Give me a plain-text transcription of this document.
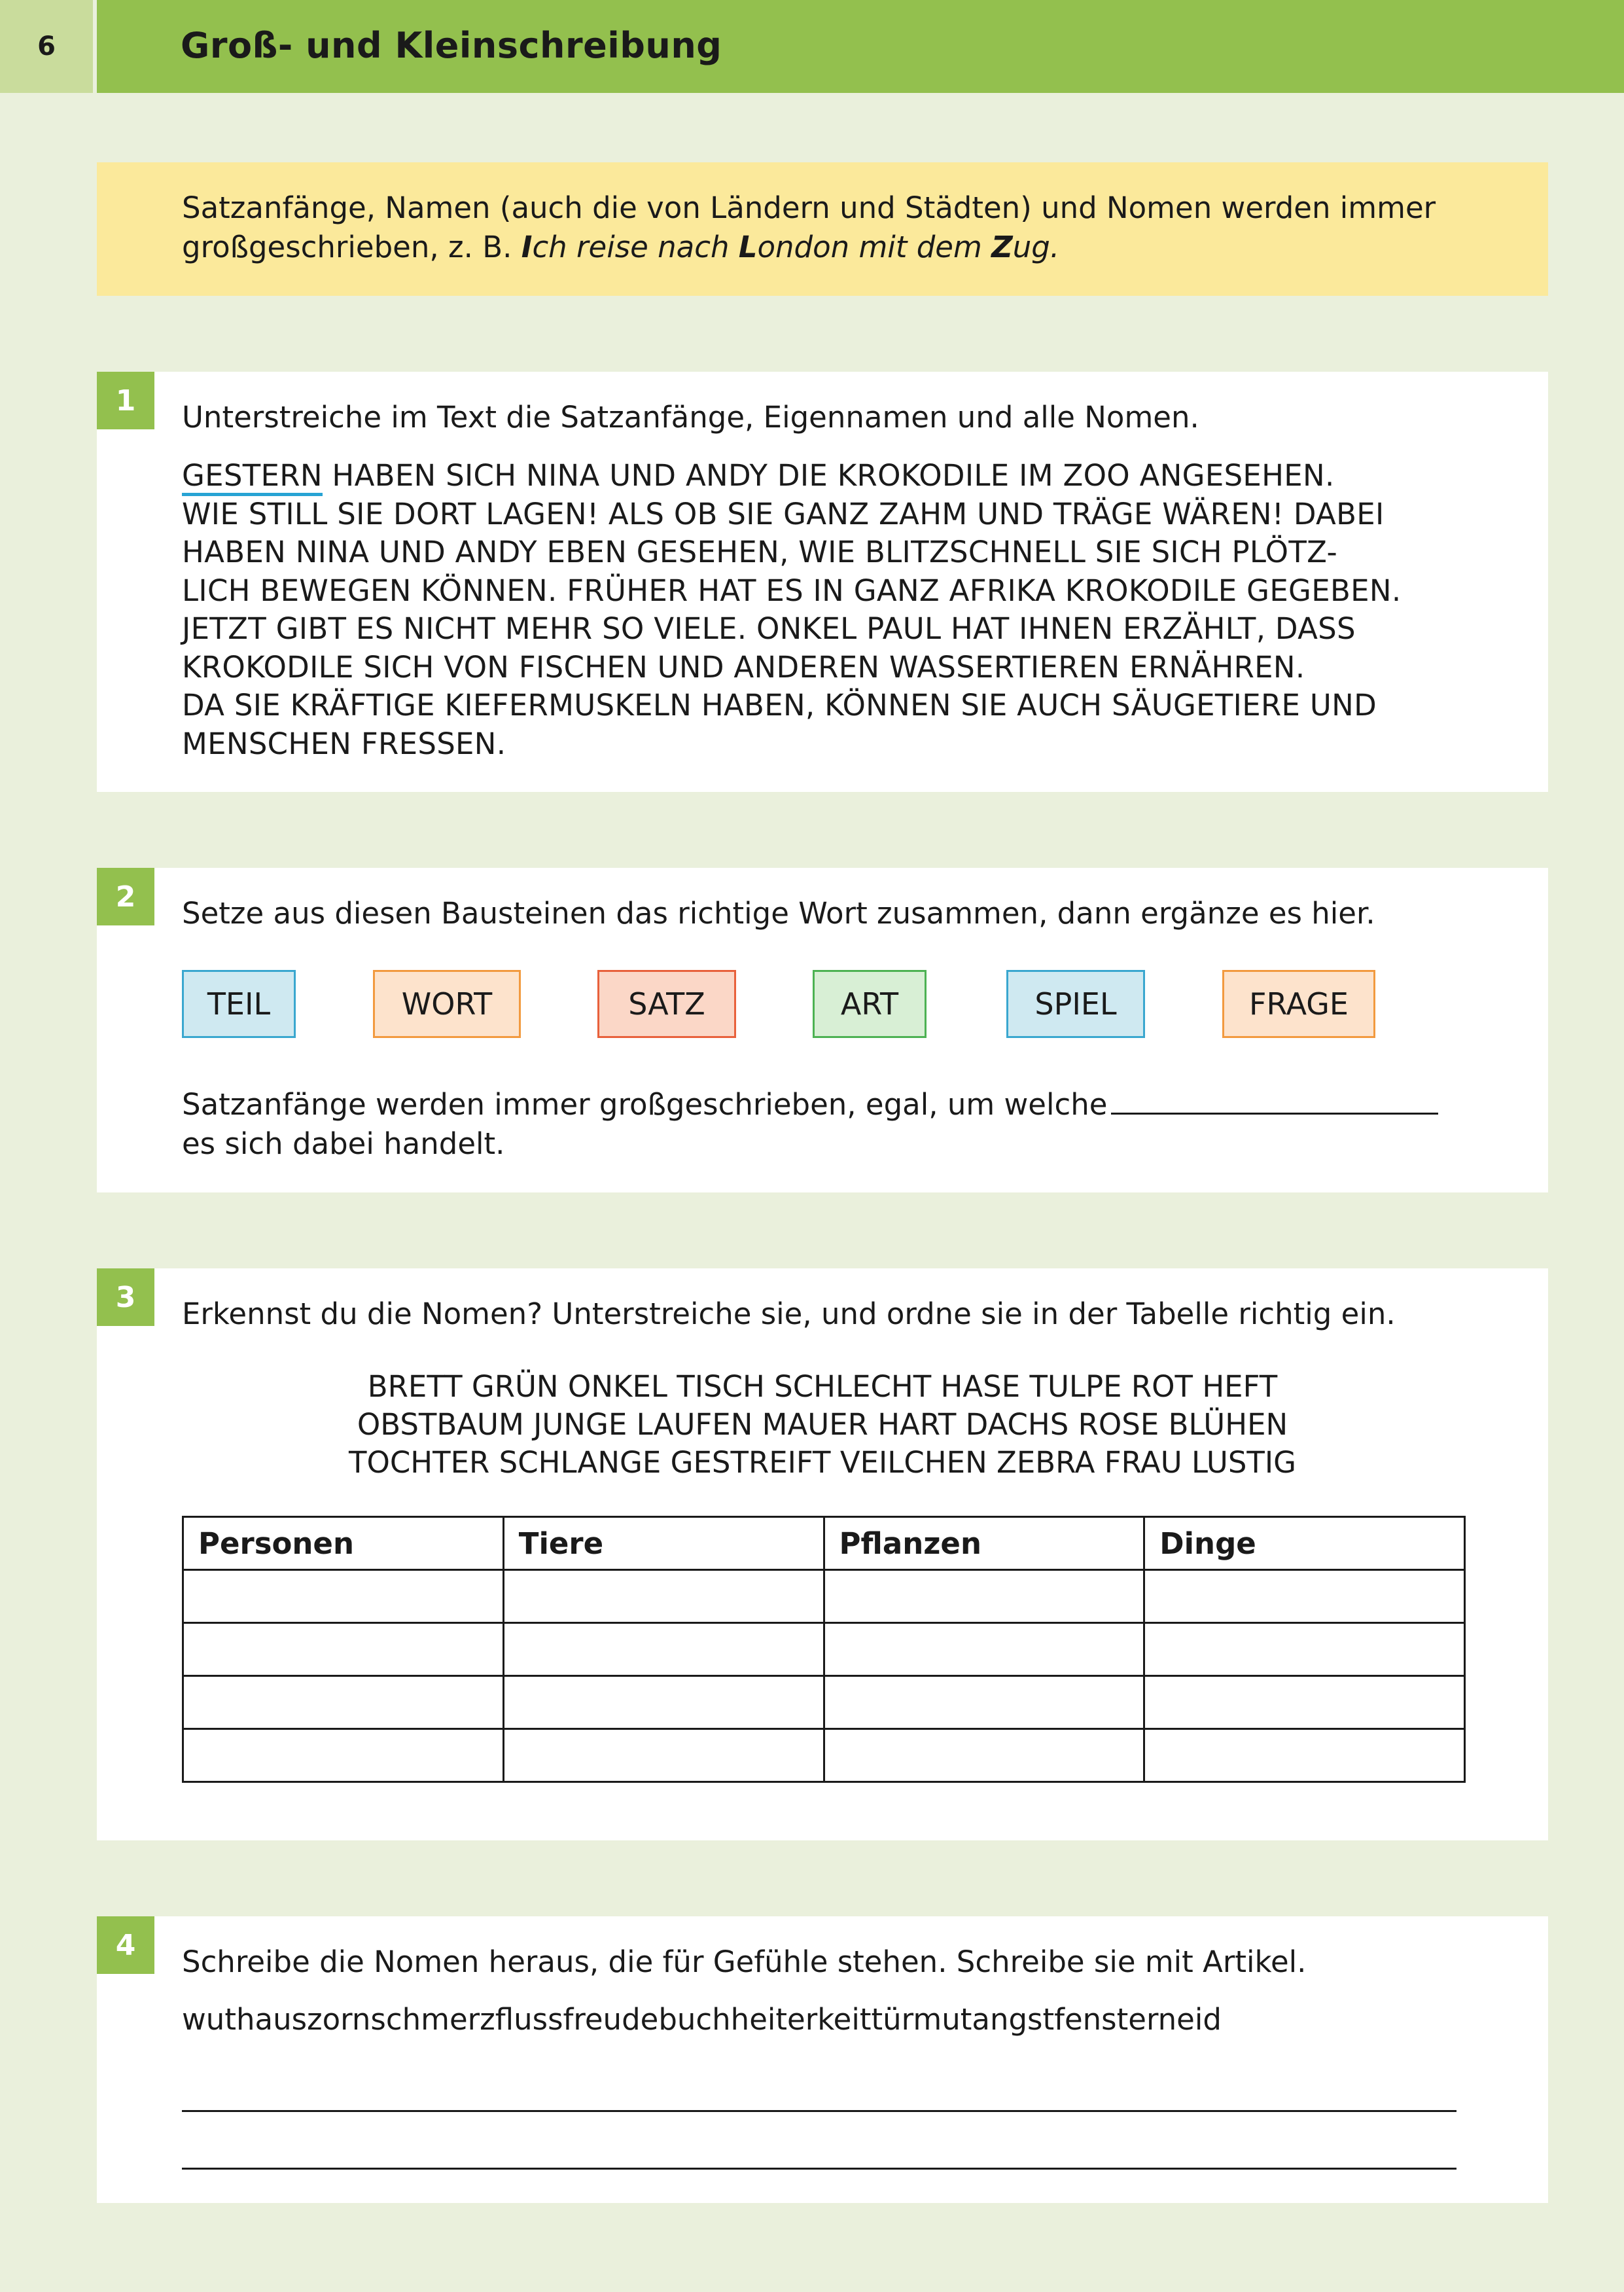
6	Groß- und Kleinschreibung
Satzanfänge, Namen (auch die von Ländern und Städten) und Nomen werden immer
großgeschrieben, z. B. Ich reise nach London mit dem Zug.
1	Unterstreiche im Text die Satzanfänge, Eigennamen und alle Nomen.
GESTERN HABEN SICH NINA UND ANDY DIE KROKODILE IM ZOO ANGESEHEN.
WIE STILL SIE DORT LAGEN! ALS OB SIE GANZ ZAHM UND TRÄGE WÄREN! DABEI
HABEN NINA UND ANDY EBEN GESEHEN, WIE BLITZSCHNELL SIE SICH PLÖTZ-
LICH BEWEGEN KÖNNEN. FRÜHER HAT ES IN GANZ AFRIKA KROKODILE GEGEBEN.
JETZT GIBT ES NICHT MEHR SO VIELE. ONKEL PAUL HAT IHNEN ERZÄHLT, DASS
KROKODILE SICH VON FISCHEN UND ANDEREN WASSERTIEREN ERNÄHREN.
DA SIE KRÄFTIGE KIEFERMUSKELN HABEN, KÖNNEN SIE AUCH SÄUGETIERE UND
MENSCHEN FRESSEN.
2	Setze aus diesen Bausteinen das richtige Wort zusammen, dann ergänze es hier.
TEIL	WORT	SATZ	ART	SPIEL	FRAGE
Satzanfänge werden immer großgeschrieben, egal, um welche
es sich dabei handelt.
3	Erkennst du die Nomen? Unterstreiche sie, und ordne sie in der Tabelle richtig ein.
BRETT GRÜN ONKEL TISCH SCHLECHT HASE TULPE ROT HEFT
OBSTBAUM JUNGE LAUFEN MAUER HART DACHS ROSE BLÜHEN
TOCHTER SCHLANGE GESTREIFT VEILCHEN ZEBRA FRAU LUSTIG
Personen	Tiere	Pflanzen	Dinge

4	Schreibe die Nomen heraus, die für Gefühle stehen. Schreibe sie mit Artikel.
wuthauszornschmerzflussfreudebuchheiterkeittürmutangstfensterneid
